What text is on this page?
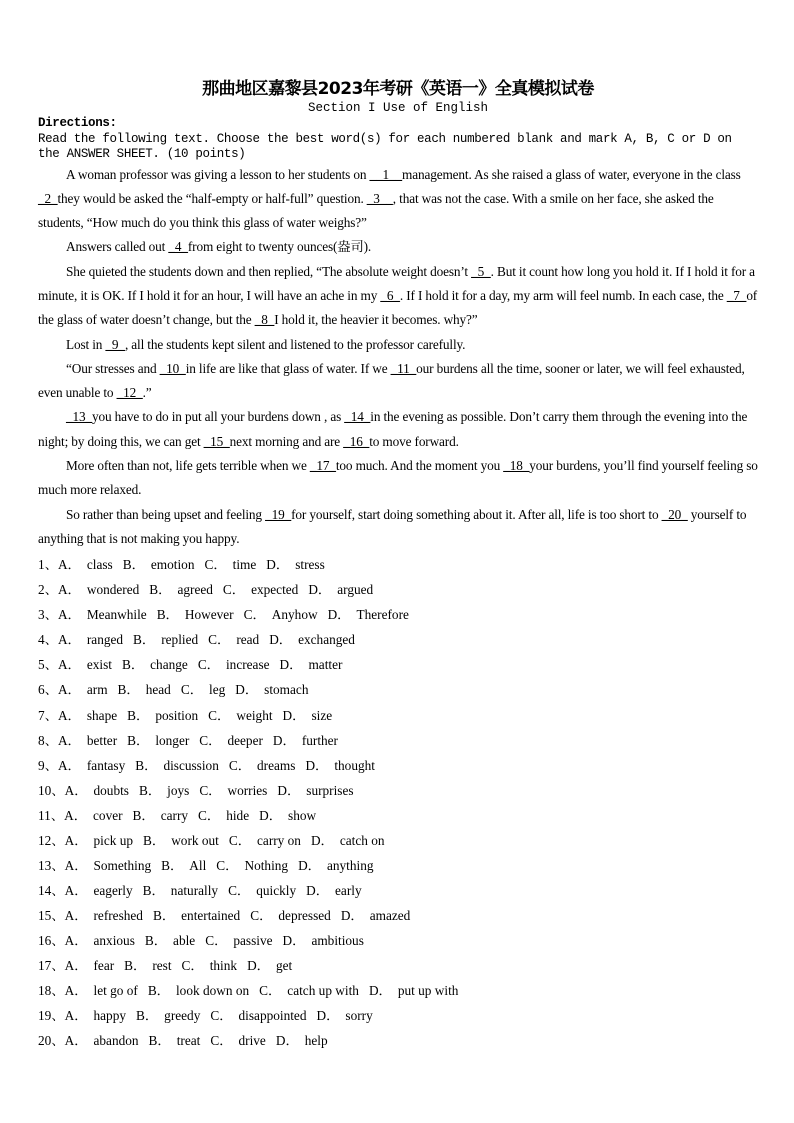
那曲地区嘉黎县2023年考研《英语一》全真模拟试卷

Section I Use of English

Directions:

Read the following text. Choose the best word(s) for each numbered blank and mark A, B, C or D on the ANSWER SHEET. (10 points)

A woman professor was giving a lesson to her students on __1__management. As she raised a glass of water, everyone in the class _2_they would be asked the “half-empty or half-full” question. _3__, that was not the case. With a smile on her face, she asked the students, “How much do you think this glass of water weighs?”

Answers called out _4_from eight to twenty ounces(盎司).

She quieted the students down and then replied, “The absolute weight doesn’t _5_. But it count how long you hold it. If I hold it for a minute, it is OK. If I hold it for an hour, I will have an ache in my _6_. If I hold it for a day, my arm will feel numb. In each case, the _7_of the glass of water doesn’t change, but the _8_I hold it, the heavier it becomes. why?”

Lost in _9_, all the students kept silent and listened to the professor carefully.

“Our stresses and _10_in life are like that glass of water. If we _11_our burdens all the time, sooner or later, we will feel exhausted, even unable to _12_.”

_13_you have to do in put all your burdens down , as _14_in the evening as possible. Don’t carry them through the evening into the night; by doing this, we can get _15_next morning and are _16_to move forward.

More often than not, life gets terrible when we _17_too much. And the moment you _18_your burdens, you’ll find yourself feeling so much more relaxed.

So rather than being upset and feeling _19_for yourself, start doing something about it. After all, life is too short to _20_ yourself to anything that is not making you happy.

1、A． class B． emotion C． time D． stress
2、A． wondered B． agreed C． expected D． argued
3、A． Meanwhile B． However C． Anyhow D． Therefore
4、A． ranged B． replied C． read D． exchanged
5、A． exist B． change C． increase D． matter
6、A． arm B． head C． leg D． stomach
7、A． shape B． position C． weight D． size
8、A． better B． longer C． deeper D． further
9、A． fantasy B． discussion C． dreams D． thought
10、A． doubts B． joys C． worries D． surprises
11、A． cover B． carry C． hide D． show
12、A． pick up B． work out C． carry on D． catch on
13、A． Something B． All C． Nothing D． anything
14、A． eagerly B． naturally C． quickly D． early
15、A． refreshed B． entertained C． depressed D． amazed
16、A． anxious B． able C． passive D． ambitious
17、A． fear B． rest C． think D． get
18、A． let go of B． look down on C． catch up with D． put up with
19、A． happy B． greedy C． disappointed D． sorry
20、A． abandon B． treat C． drive D． help
